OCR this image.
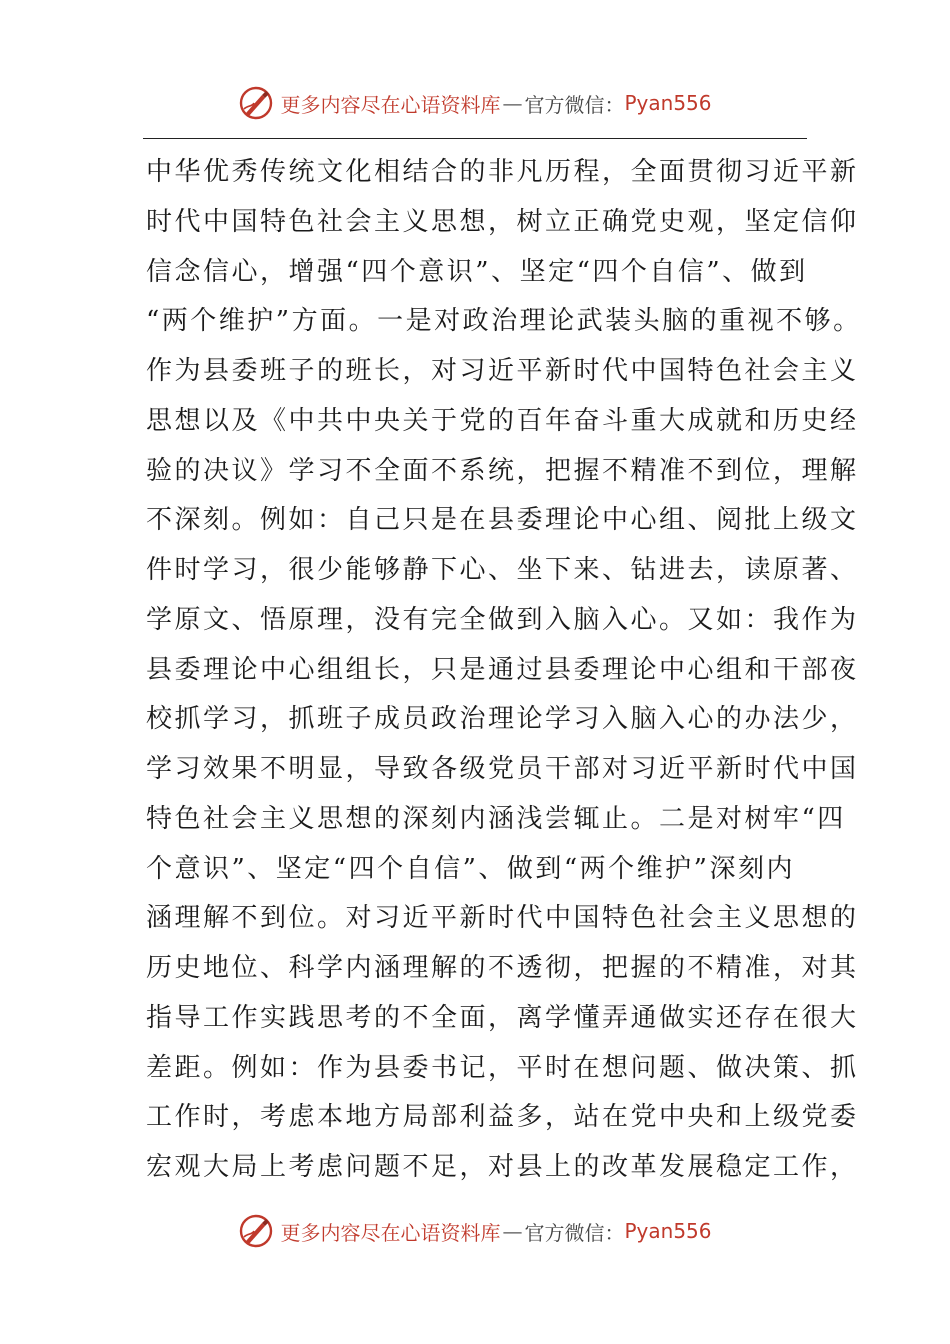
更多内容尽在心语资料库 — 官方微信： Pyan556
中华优秀传统文化相结合的非凡历程，全面贯彻习近平新
时代中国特色社会主义思想，树立正确党史观，坚定信仰
信念信心，增强“四个意识”、坚定“四个自信”、做到
“两个维护”方面。一是对政治理论武装头脑的重视不够。
作为县委班子的班长，对习近平新时代中国特色社会主义
思想以及《中共中央关于党的百年奋斗重大成就和历史经
验的决议》学习不全面不系统，把握不精准不到位，理解
不深刻。例如：自己只是在县委理论中心组、阅批上级文
件时学习，很少能够静下心、坐下来、钻进去，读原著、
学原文、悟原理，没有完全做到入脑入心。又如：我作为
县委理论中心组组长，只是通过县委理论中心组和干部夜
校抓学习，抓班子成员政治理论学习入脑入心的办法少，
学习效果不明显，导致各级党员干部对习近平新时代中国
特色社会主义思想的深刻内涵浅尝辄止。二是对树牢“四
个意识”、坚定“四个自信”、做到“两个维护”深刻内
涵理解不到位。对习近平新时代中国特色社会主义思想的
历史地位、科学内涵理解的不透彻，把握的不精准，对其
指导工作实践思考的不全面，离学懂弄通做实还存在很大
差距。例如：作为县委书记，平时在想问题、做决策、抓
工作时，考虑本地方局部利益多，站在党中央和上级党委
宏观大局上考虑问题不足，对县上的改革发展稳定工作，
更多内容尽在心语资料库 — 官方微信： Pyan556
